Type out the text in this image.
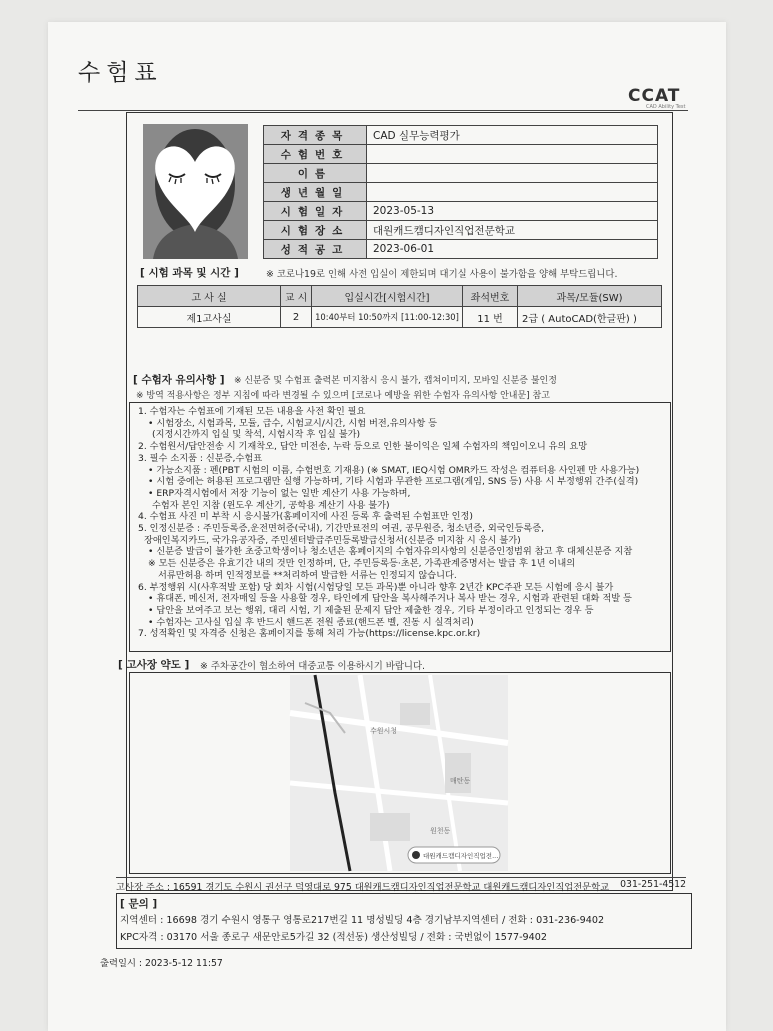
수험표
CCAT
CAD Ability Test
자격종목	CAD 실무능력평가
수험번호	
이름	
생년월일	
시험일자	2023-05-13
시험장소	대원캐드캠디자인직업전문학교
성적공고	2023-06-01
[ 시험 과목 및 시간 ]	※ 코로나19로 인해 사전 입실이 제한되며 대기실 사용이 불가함을 양해 부탁드립니다.
고 사 실	교 시	입실시간[시험시간]	좌석번호	과목/모듈(SW)
제1고사실	2	10:40부터 10:50까지 [11:00-12:30]	11 번	2급 ( AutoCAD(한글판) )
[ 수험자 유의사항 ] ※ 신분증 및 수험표 출력본 미지참시 응시 불가, 캡쳐이미지, 모바일 신분증 불인정
※ 방역 적용사항은 정부 지침에 따라 변경될 수 있으며 [코로나 예방을 위한 수험자 유의사항 안내문] 참고
1. 수험자는 수험표에 기재된 모든 내용을 사전 확인 필요
• 시험장소, 시험과목, 모듈, 급수, 시험교시/시간, 시험 버전,유의사항 등
(지정시간까지 입실 및 착석, 시험시작 후 입실 불가)
2. 수험원서/답안전송 시 기재착오, 답안 미전송, 누락 등으로 인한 불이익은 일체 수험자의 책임이오니 유의 요망
3. 필수 소지품 : 신분증,수험표
• 가능소지품 : 펜(PBT 시험의 이름, 수험번호 기재용) (※ SMAT, IEQ시험 OMR카드 작성은 컴퓨터용 사인펜 만 사용가능)
• 시험 중에는 허용된 프로그램만 실행 가능하며, 기타 시험과 무관한 프로그램(게임, SNS 등) 사용 시 부정행위 간주(실격)
• ERP자격시험에서 저장 기능이 없는 일반 계산기 사용 가능하며,
수험자 본인 지참 (윈도우 계산기, 공학용 계산기 사용 불가)
4. 수험표 사진 미 부착 시 응시불가(홈페이지에 사진 등록 후 출력된 수험표만 인정)
5. 인정신분증 : 주민등록증,운전면허증(국내), 기간만료전의 여권, 공무원증, 청소년증, 외국인등록증,
장애인복지카드, 국가유공자증, 주민센터발급주민등록발급신청서(신분증 미지참 시 응시 불가)
• 신분증 발급이 불가한 초중고학생이나 청소년은 홈페이지의 수험자유의사항의 신분증인정범위 참고 후 대체신분증 지참
※ 모든 신분증은 유효기간 내의 것만 인정하며, 단, 주민등록등·초본, 가족관계증명서는 발급 후 1년 이내의
서류만허용 하며 인적정보를 **처리하여 발급한 서류는 인정되지 않습니다.
6. 부정행위 시(사후적발 포함) 당 회차 시험(시험당일 모든 과목)뿐 아니라 향후 2년간 KPC주관 모든 시험에 응시 불가
• 휴대폰, 메신저, 전자매일 등을 사용할 경우, 타인에게 답안을 복사해주거나 복사 받는 경우, 시험과 관련된 대화 적발 등
• 답안을 보여주고 보는 행위, 대리 시험, 기 제출된 문제지 답안 제출한 경우, 기타 부정이라고 인정되는 경우 등
• 수험자는 고사실 입실 후 반드시 핸드폰 전원 종료(핸드폰 벨, 진동 시 실격처리)
7. 성적확인 및 자격증 신청은 홈페이지를 통해 처리 가능(https://license.kpc.or.kr)
[ 고사장 약도 ] ※ 주차공간이 협소하여 대중교통 이용하시기 바랍니다.
수원시청
매탄동
원천동
대원캐드캠디자인직업전...
고사장 주소 : 16591 경기도 수원시 권선구 덕영대로 975 대원캐드캠디자인직업전문학교 대원캐드캠디자인직업전문학교 031-251-4512
[ 문의 ]
지역센터 : 16698 경기 수원시 영통구 영통로217번길 11 명성빌딩 4층 경기남부지역센터 / 전화 : 031-236-9402
KPC자격 : 03170 서울 종로구 새문안로5가길 32 (적선동) 생산성빌딩 / 전화 : 국번없이 1577-9402
출력일시 : 2023-5-12 11:57
